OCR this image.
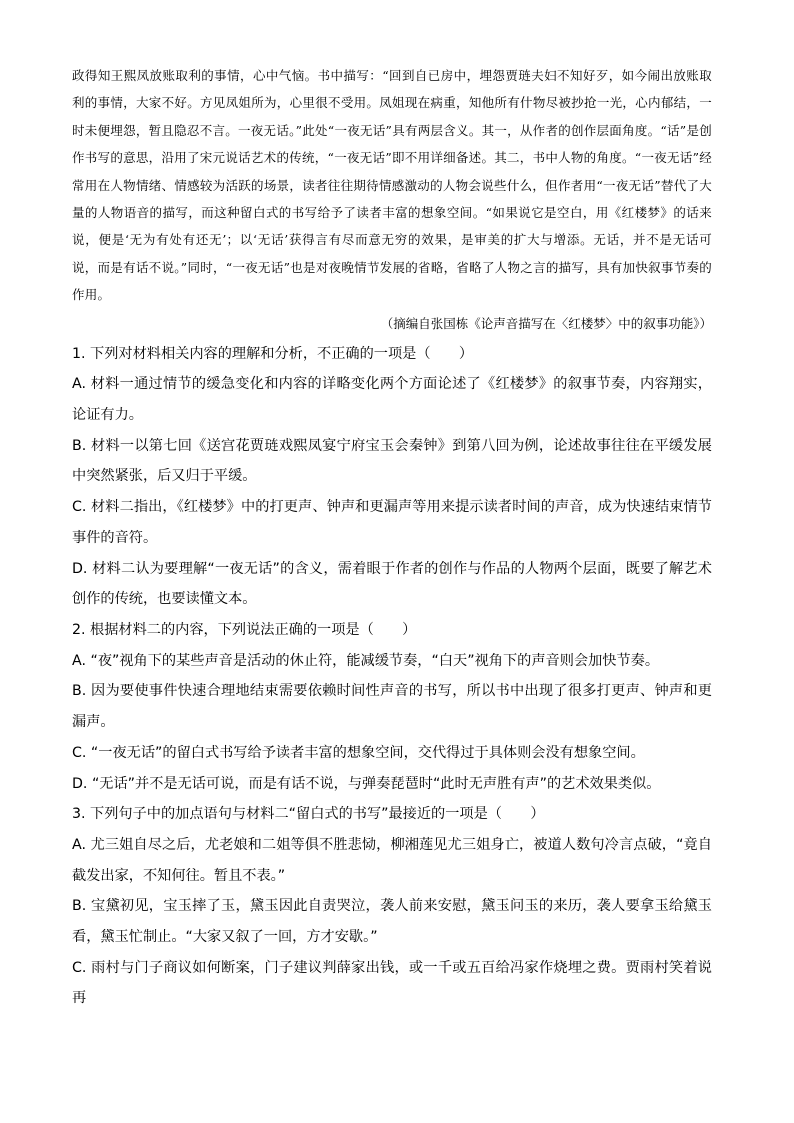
政得知王熙凤放账取利的事情，心中气恼。书中描写：“回到自已房中，埋怨贾琏夫妇不知好歹，如今闹出放账取利的事情，大家不好。方见凤姐所为，心里很不受用。凤姐现在病重，知他所有什物尽被抄抢一光，心内郁结，一时未便埋怨，暂且隐忍不言。一夜无话。”此处“一夜无话”具有两层含义。其一，从作者的创作层面角度。“话”是创作书写的意思，沿用了宋元说话艺术的传统，“一夜无话”即不用详细备述。其二，书中人物的角度。“一夜无话”经常用在人物情绪、情感较为活跃的场景，读者往往期待情感激动的人物会说些什么，但作者用“一夜无话”替代了大量的人物语音的描写，而这种留白式的书写给予了读者丰富的想象空间。“如果说它是空白，用《红楼梦》的话来说，便是‘无为有处有还无’；以‘无话’获得言有尽而意无穷的效果，是审美的扩大与增添。无话，并不是无话可说，而是有话不说。”同时，“一夜无话”也是对夜晚情节发展的省略，省略了人物之言的描写，具有加快叙事节奏的作用。

（摘编自张国栋《论声音描写在〈红楼梦〉中的叙事功能》）

1. 下列对材料相关内容的理解和分析，不正确的一项是（　　）

A. 材料一通过情节的缓急变化和内容的详略变化两个方面论述了《红楼梦》的叙事节奏，内容翔实，论证有力。

B. 材料一以第七回《送宫花贾琏戏熙凤宴宁府宝玉会秦钟》到第八回为例，论述故事往往在平缓发展中突然紧张，后又归于平缓。

C. 材料二指出，《红楼梦》中的打更声、钟声和更漏声等用来提示读者时间的声音，成为快速结束情节事件的音符。

D. 材料二认为要理解“一夜无话”的含义，需着眼于作者的创作与作品的人物两个层面，既要了解艺术创作的传统，也要读懂文本。

2. 根据材料二的内容，下列说法正确的一项是（　　）

A. “夜”视角下的某些声音是活动的休止符，能减缓节奏，“白天”视角下的声音则会加快节奏。

B. 因为要使事件快速合理地结束需要依赖时间性声音的书写，所以书中出现了很多打更声、钟声和更漏声。

C. “一夜无话”的留白式书写给予读者丰富的想象空间，交代得过于具体则会没有想象空间。

D. “无话”并不是无话可说，而是有话不说，与弹奏琵琶时“此时无声胜有声”的艺术效果类似。

3. 下列句子中的加点语句与材料二“留白式的书写”最接近的一项是（　　）

A. 尤三姐自尽之后，尤老娘和二姐等俱不胜悲恸，柳湘莲见尤三姐身亡，被道人数句冷言点破，“竟自截发出家，不知何往。暂且不表。”

B. 宝黛初见，宝玉摔了玉，黛玉因此自责哭泣，袭人前来安慰，黛玉问玉的来历，袭人要拿玉给黛玉看，黛玉忙制止。“大家又叙了一回，方才安歇。”

C. 雨村与门子商议如何断案，门子建议判薛家出钱，或一千或五百给冯家作烧埋之费。贾雨村笑着说再
